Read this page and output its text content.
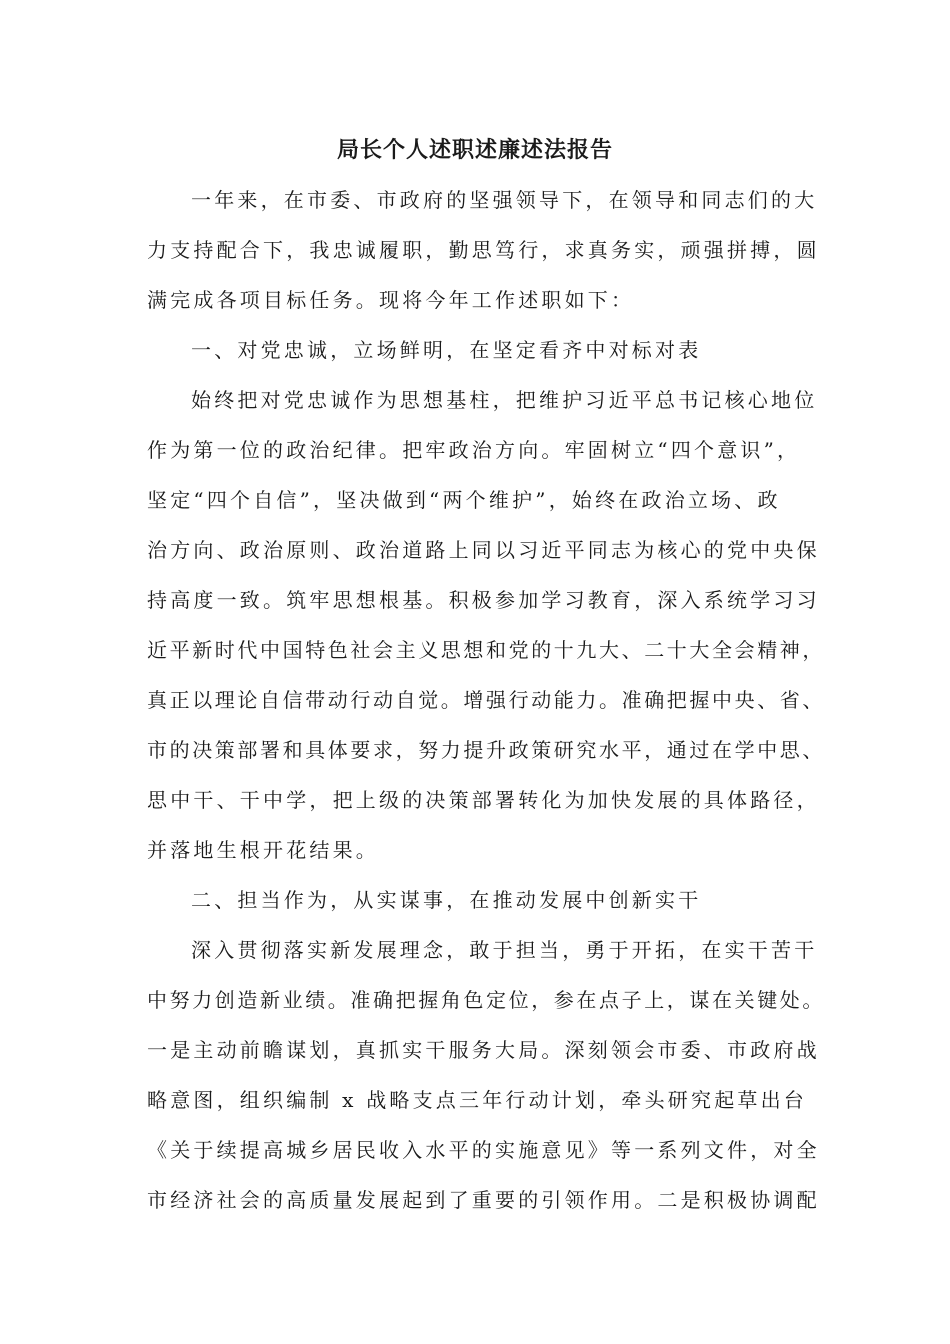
局长个人述职述廉述法报告
一年来，在市委、市政府的坚强领导下，在领导和同志们的大
力支持配合下，我忠诚履职，勤思笃行，求真务实，顽强拼搏，圆
满完成各项目标任务。现将今年工作述职如下：
一、对党忠诚，立场鲜明，在坚定看齐中对标对表
始终把对党忠诚作为思想基柱，把维护习近平总书记核心地位
作为第一位的政治纪律。把牢政治方向。牢固树立“四个意识”，
坚定“四个自信”，坚决做到“两个维护”，始终在政治立场、政
治方向、政治原则、政治道路上同以习近平同志为核心的党中央保
持高度一致。筑牢思想根基。积极参加学习教育，深入系统学习习
近平新时代中国特色社会主义思想和党的十九大、二十大全会精神，
真正以理论自信带动行动自觉。增强行动能力。准确把握中央、省、
市的决策部署和具体要求，努力提升政策研究水平，通过在学中思、
思中干、干中学，把上级的决策部署转化为加快发展的具体路径，
并落地生根开花结果。
二、担当作为，从实谋事，在推动发展中创新实干
深入贯彻落实新发展理念，敢于担当，勇于开拓，在实干苦干
中努力创造新业绩。准确把握角色定位，参在点子上，谋在关键处。
一是主动前瞻谋划，真抓实干服务大局。深刻领会市委、市政府战
略意图，组织编制 x 战略支点三年行动计划，牵头研究起草出台
《关于续提高城乡居民收入水平的实施意见》等一系列文件，对全
市经济社会的高质量发展起到了重要的引领作用。二是积极协调配
